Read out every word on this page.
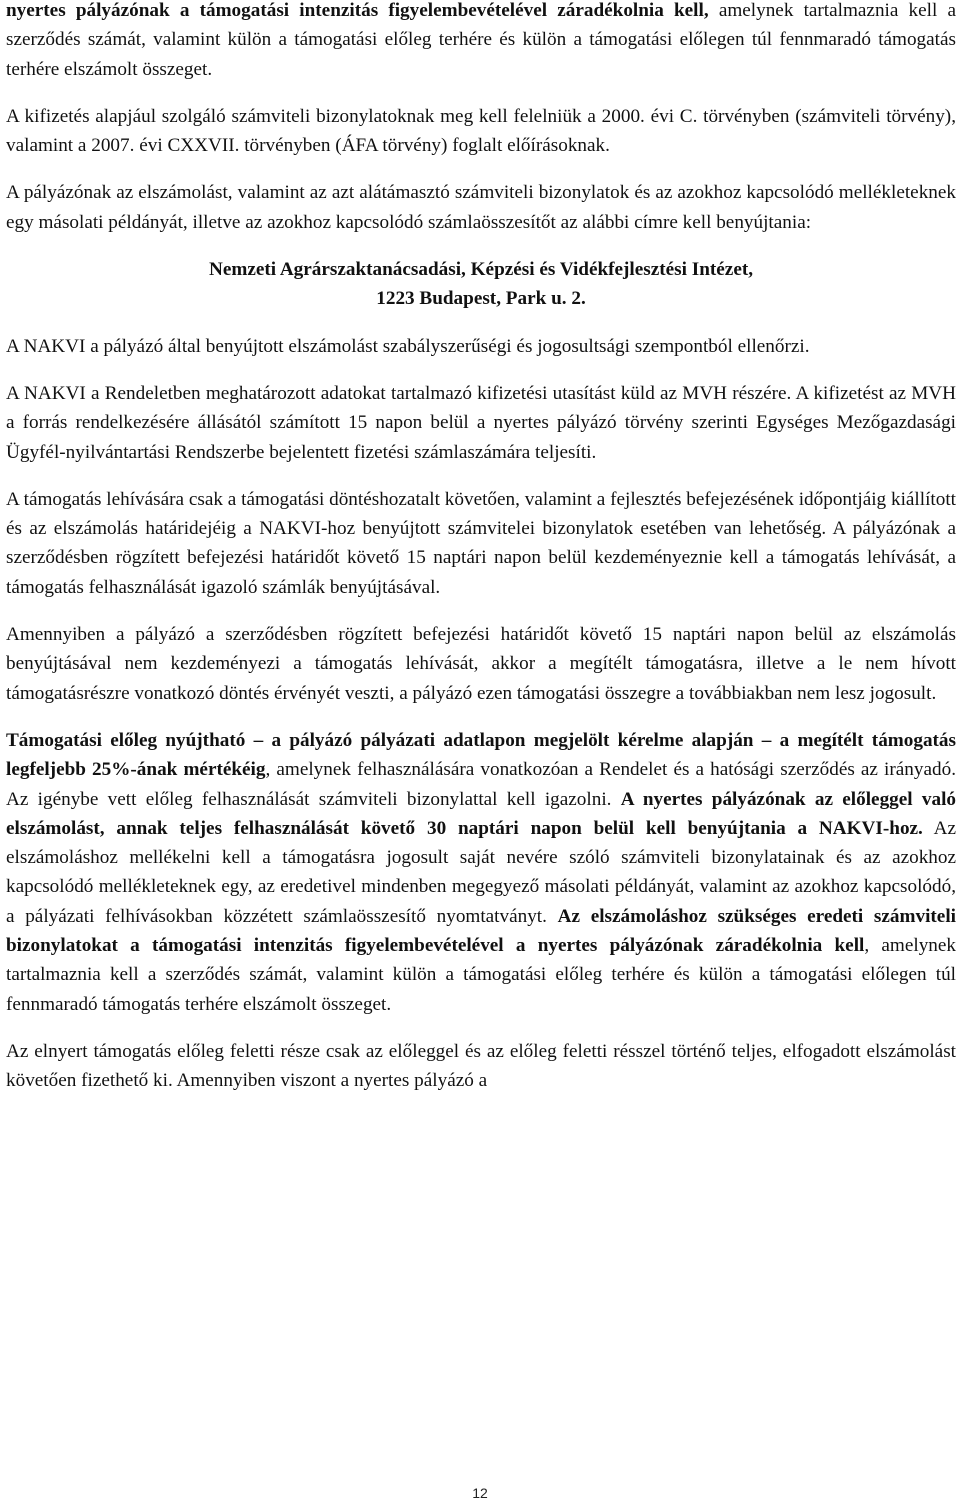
nyertes pályázónak a támogatási intenzitás figyelembevételével záradékolnia kell, amelynek tartalmaznia kell a szerződés számát, valamint külön a támogatási előleg terhére és külön a támogatási előlegen túl fennmaradó támogatás terhére elszámolt összeget.

A kifizetés alapjául szolgáló számviteli bizonylatoknak meg kell felelniük a 2000. évi C. törvényben (számviteli törvény), valamint a 2007. évi CXXVII. törvényben (ÁFA törvény) foglalt előírásoknak.

A pályázónak az elszámolást, valamint az azt alátámasztó számviteli bizonylatok és az azokhoz kapcsolódó mellékleteknek egy másolati példányát, illetve az azokhoz kapcsolódó számlaösszesítőt az alábbi címre kell benyújtania:

Nemzeti Agrárszaktanácsadási, Képzési és Vidékfejlesztési Intézet,
1223 Budapest, Park u. 2.

A NAKVI a pályázó által benyújtott elszámolást szabályszerűségi és jogosultsági szempontból ellenőrzi.

A NAKVI a Rendeletben meghatározott adatokat tartalmazó kifizetési utasítást küld az MVH részére. A kifizetést az MVH a forrás rendelkezésére állásától számított 15 napon belül a nyertes pályázó törvény szerinti Egységes Mezőgazdasági Ügyfél-nyilvántartási Rendszerbe bejelentett fizetési számlaszámára teljesíti.

A támogatás lehívására csak a támogatási döntéshozatalt követően, valamint a fejlesztés befejezésének időpontjáig kiállított és az elszámolás határidejéig a NAKVI-hoz benyújtott számvitelei bizonylatok esetében van lehetőség. A pályázónak a szerződésben rögzített befejezési határidőt követő 15 naptári napon belül kezdeményeznie kell a támogatás lehívását, a támogatás felhasználását igazoló számlák benyújtásával.

Amennyiben a pályázó a szerződésben rögzített befejezési határidőt követő 15 naptári napon belül az elszámolás benyújtásával nem kezdeményezi a támogatás lehívását, akkor a megítélt támogatásra, illetve a le nem hívott támogatásrészre vonatkozó döntés érvényét veszti, a pályázó ezen támogatási összegre a továbbiakban nem lesz jogosult.

Támogatási előleg nyújtható – a pályázó pályázati adatlapon megjelölt kérelme alapján – a megítélt támogatás legfeljebb 25%-ának mértékéig, amelynek felhasználására vonatkozóan a Rendelet és a hatósági szerződés az irányadó. Az igénybe vett előleg felhasználását számviteli bizonylattal kell igazolni. A nyertes pályázónak az előleggel való elszámolást, annak teljes felhasználását követő 30 naptári napon belül kell benyújtania a NAKVI-hoz. Az elszámoláshoz mellékelni kell a támogatásra jogosult saját nevére szóló számviteli bizonylatainak és az azokhoz kapcsolódó mellékleteknek egy, az eredetivel mindenben megegyező másolati példányát, valamint az azokhoz kapcsolódó, a pályázati felhívásokban közzétett számlaösszesítő nyomtatványt. Az elszámoláshoz szükséges eredeti számviteli bizonylatokat a támogatási intenzitás figyelembevételével a nyertes pályázónak záradékolnia kell, amelynek tartalmaznia kell a szerződés számát, valamint külön a támogatási előleg terhére és külön a támogatási előlegen túl fennmaradó támogatás terhére elszámolt összeget.

Az elnyert támogatás előleg feletti része csak az előleggel és az előleg feletti résszel történő teljes, elfogadott elszámolást követően fizethető ki. Amennyiben viszont a nyertes pályázó a

12
